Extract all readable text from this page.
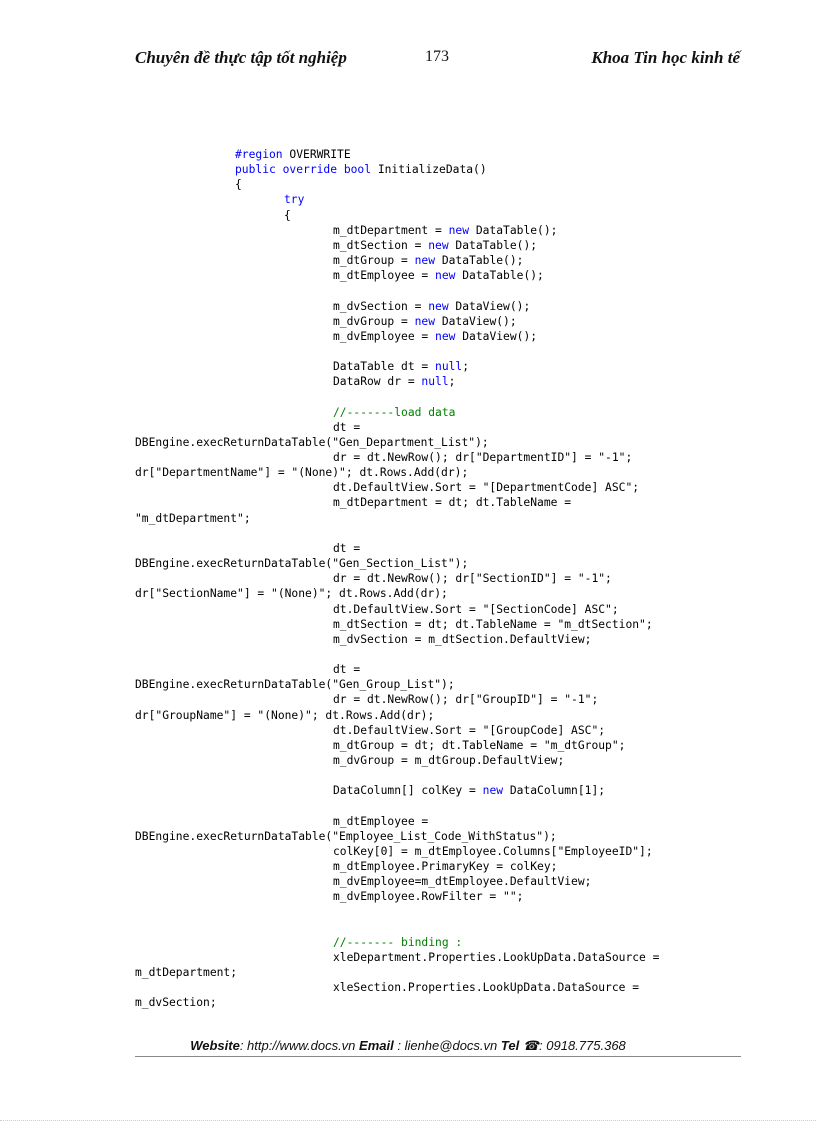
Chuyên đề thực tập tốt nghiệp	173	Khoa Tin học kinh tế
#region OVERWRITE
public override bool InitializeData()
{
try
{
m_dtDepartment = new DataTable();
m_dtSection = new DataTable();
m_dtGroup = new DataTable();
m_dtEmployee = new DataTable();
m_dvSection = new DataView();
m_dvGroup = new DataView();
m_dvEmployee = new DataView();
DataTable dt = null;
DataRow dr = null;
//-------load data
dt =
DBEngine.execReturnDataTable("Gen_Department_List");
dr = dt.NewRow(); dr["DepartmentID"] = "-1";
dr["DepartmentName"] = "(None)"; dt.Rows.Add(dr);
dt.DefaultView.Sort = "[DepartmentCode] ASC";
m_dtDepartment = dt; dt.TableName =
"m_dtDepartment";
dt =
DBEngine.execReturnDataTable("Gen_Section_List");
dr = dt.NewRow(); dr["SectionID"] = "-1";
dr["SectionName"] = "(None)"; dt.Rows.Add(dr);
dt.DefaultView.Sort = "[SectionCode] ASC";
m_dtSection = dt; dt.TableName = "m_dtSection";
m_dvSection = m_dtSection.DefaultView;
dt =
DBEngine.execReturnDataTable("Gen_Group_List");
dr = dt.NewRow(); dr["GroupID"] = "-1";
dr["GroupName"] = "(None)"; dt.Rows.Add(dr);
dt.DefaultView.Sort = "[GroupCode] ASC";
m_dtGroup = dt; dt.TableName = "m_dtGroup";
m_dvGroup = m_dtGroup.DefaultView;
DataColumn[] colKey = new DataColumn[1];
m_dtEmployee =
DBEngine.execReturnDataTable("Employee_List_Code_WithStatus");
colKey[0] = m_dtEmployee.Columns["EmployeeID"];
m_dtEmployee.PrimaryKey = colKey;
m_dvEmployee=m_dtEmployee.DefaultView;
m_dvEmployee.RowFilter = "";
//------- binding :
xleDepartment.Properties.LookUpData.DataSource =
m_dtDepartment;
xleSection.Properties.LookUpData.DataSource =
m_dvSection;
Website: http://www.docs.vn Email : lienhe@docs.vn Tel ☎: 0918.775.368
